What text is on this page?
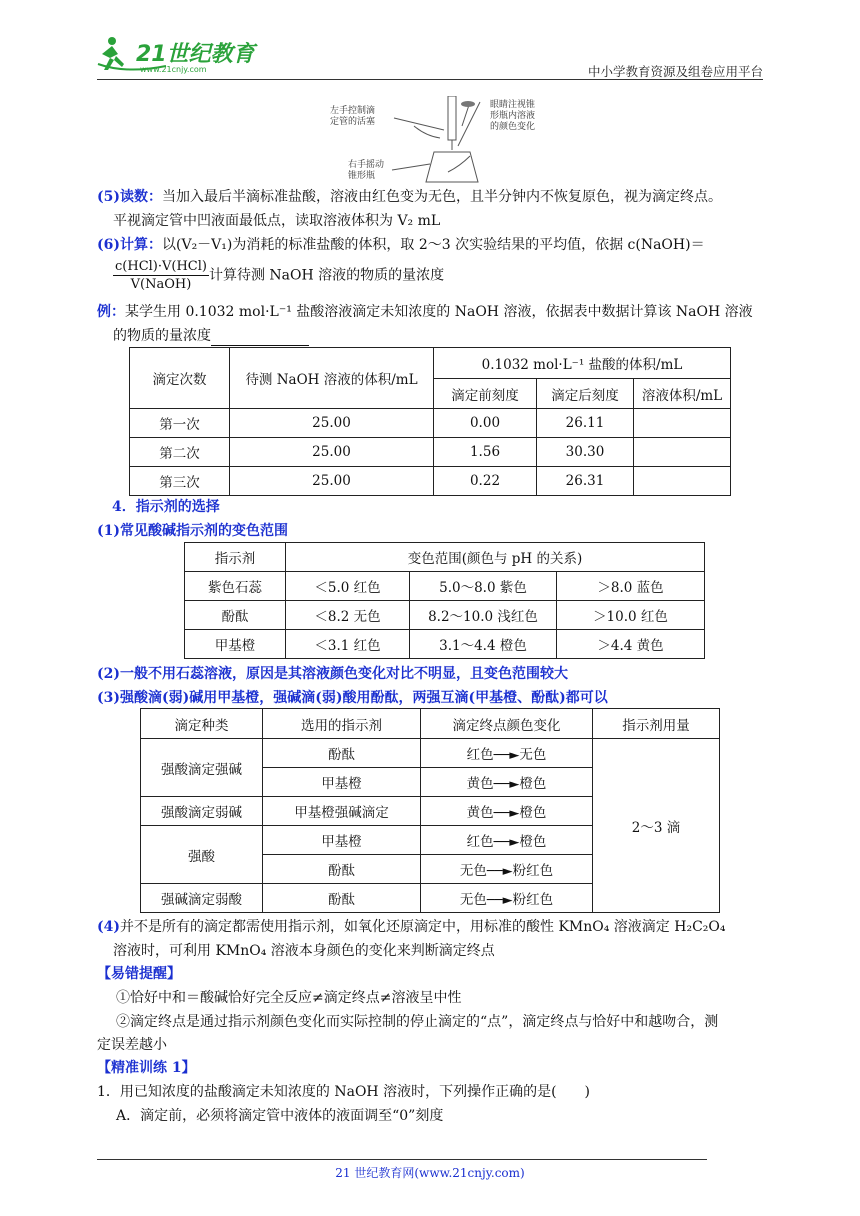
21世纪教育
www.21cnjy.com	中小学教育资源及组卷应用平台
左手控制滴
定管的活塞
眼睛注视锥
形瓶内溶液
的颜色变化
右手摇动
锥形瓶
(5)读数：当加入最后半滴标准盐酸，溶液由红色变为无色，且半分钟内不恢复原色，视为滴定终点。
平视滴定管中凹液面最低点，读取溶液体积为 V₂ mL
(6)计算：以(V₂－V₁)为消耗的标准盐酸的体积，取 2～3 次实验结果的平均值，依据 c(NaOH)＝
$\frac{\text{c(HCl)·V(HCl)}}{\text{V(NaOH)}}$ 计算待测 NaOH 溶液的物质的量浓度
例：某学生用 0.1032 mol·L⁻¹ 盐酸溶液滴定未知浓度的 NaOH 溶液，依据表中数据计算该 NaOH 溶液
的物质的量浓度
滴定次数	待测 NaOH 溶液的体积/mL	0.1032 mol·L⁻¹ 盐酸的体积/mL		
		滴定前刻度	滴定后刻度	溶液体积/mL
第一次	25.00	0.00	26.11	
第二次	25.00	1.56	30.30	
第三次	25.00	0.22	26.31	
4．指示剂的选择
(1)常见酸碱指示剂的变色范围
指示剂	变色范围(颜色与 pH 的关系)		
紫色石蕊	＜5.0 红色	5.0～8.0 紫色	＞8.0 蓝色
酚酞	＜8.2 无色	8.2～10.0 浅红色	＞10.0 红色
甲基橙	＜3.1 红色	3.1～4.4 橙色	＞4.4 黄色
(2)一般不用石蕊溶液，原因是其溶液颜色变化对比不明显，且变色范围较大
(3)强酸滴(弱)碱用甲基橙，强碱滴(弱)酸用酚酞，两强互滴(甲基橙、酚酞)都可以
滴定种类	选用的指示剂	滴定终点颜色变化	指示剂用量
强酸滴定强碱	酚酞	红色──►无色	2～3 滴
	甲基橙	黄色──►橙色	
强酸滴定弱碱	甲基橙强碱滴定	黄色──►橙色	
强酸	甲基橙	红色──►橙色	
	酚酞	无色──►粉红色	
强碱滴定弱酸	酚酞	无色──►粉红色	
(4)并不是所有的滴定都需使用指示剂，如氧化还原滴定中，用标准的酸性 KMnO₄ 溶液滴定 H₂C₂O₄
溶液时，可利用 KMnO₄ 溶液本身颜色的变化来判断滴定终点
【易错提醒】
①恰好中和＝酸碱恰好完全反应≠滴定终点≠溶液呈中性
②滴定终点是通过指示剂颜色变化而实际控制的停止滴定的“点”，滴定终点与恰好中和越吻合，测
定误差越小
【精准训练 1】
1．用已知浓度的盐酸滴定未知浓度的 NaOH 溶液时，下列操作正确的是(　　)
A．滴定前，必须将滴定管中液体的液面调至“0”刻度
21 世纪教育网(www.21cnjy.com)
